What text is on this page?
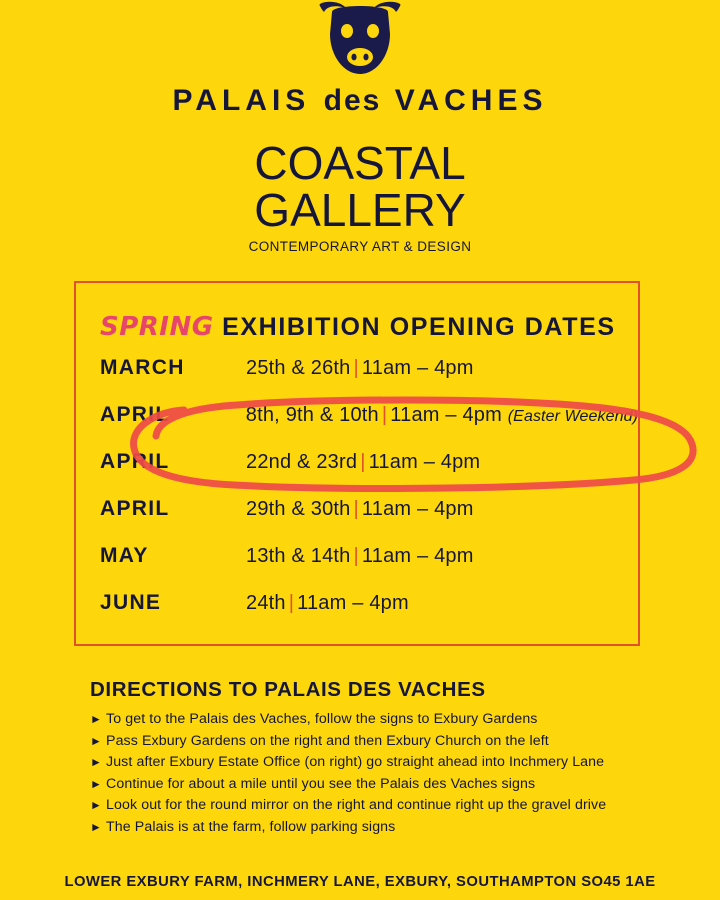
PALAIS des VACHES
COASTAL
GALLERY
CONTEMPORARY ART & DESIGN
SPRING EXHIBITION OPENING DATES
MARCH	25th & 26th | 11am – 4pm
APRIL	8th, 9th & 10th | 11am – 4pm (Easter Weekend)
APRIL	22nd & 23rd | 11am – 4pm
APRIL	29th & 30th | 11am – 4pm
MAY	13th & 14th | 11am – 4pm
JUNE	24th | 11am – 4pm
DIRECTIONS TO PALAIS DES VACHES
► To get to the Palais des Vaches, follow the signs to Exbury Gardens
► Pass Exbury Gardens on the right and then Exbury Church on the left
► Just after Exbury Estate Office (on right) go straight ahead into Inchmery Lane
► Continue for about a mile until you see the Palais des Vaches signs
► Look out for the round mirror on the right and continue right up the gravel drive
► The Palais is at the farm, follow parking signs
LOWER EXBURY FARM, INCHMERY LANE, EXBURY, SOUTHAMPTON SO45 1AE
